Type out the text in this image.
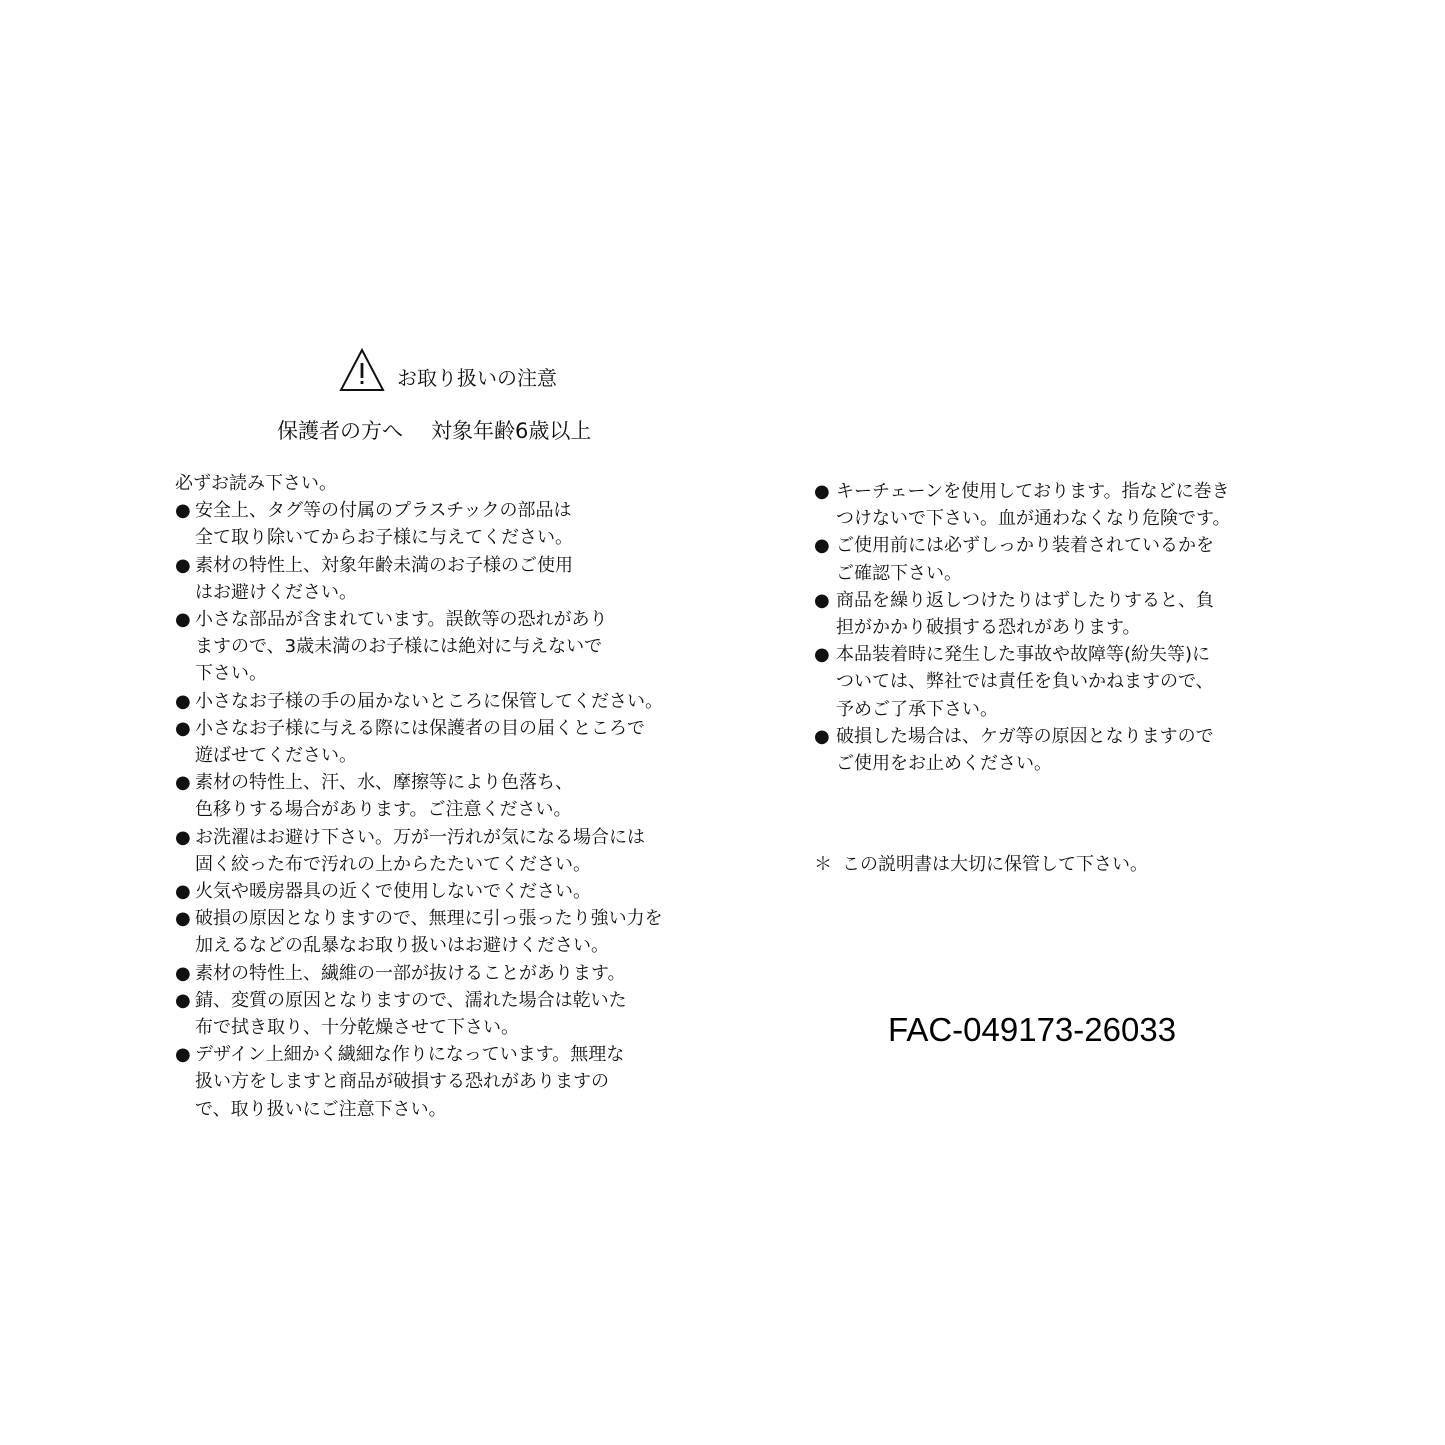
お取り扱いの注意
保護者の方へ 対象年齢6歳以上
必ずお読み下さい。
● 安全上、タグ等の付属のプラスチックの部品は
全て取り除いてからお子様に与えてください。
● 素材の特性上、対象年齢未満のお子様のご使用
はお避けください。
● 小さな部品が含まれています。誤飲等の恐れがあり
ますので、3歳未満のお子様には絶対に与えないで
下さい。
● 小さなお子様の手の届かないところに保管してください。
● 小さなお子様に与える際には保護者の目の届くところで
遊ばせてください。
● 素材の特性上、汗、水、摩擦等により色落ち、
色移りする場合があります。ご注意ください。
● お洗濯はお避け下さい。万が一汚れが気になる場合には
固く絞った布で汚れの上からたたいてください。
● 火気や暖房器具の近くで使用しないでください。
● 破損の原因となりますので、無理に引っ張ったり強い力を
加えるなどの乱暴なお取り扱いはお避けください。
● 素材の特性上、繊維の一部が抜けることがあります。
● 錆、変質の原因となりますので、濡れた場合は乾いた
布で拭き取り、十分乾燥させて下さい。
● デザイン上細かく繊細な作りになっています。無理な
扱い方をしますと商品が破損する恐れがありますの
で、取り扱いにご注意下さい。
● キーチェーンを使用しております。指などに巻き
つけないで下さい。血が通わなくなり危険です。
● ご使用前には必ずしっかり装着されているかを
ご確認下さい。
● 商品を繰り返しつけたりはずしたりすると、負
担がかかり破損する恐れがあります。
● 本品装着時に発生した事故や故障等(紛失等)に
ついては、弊社では責任を負いかねますので、
予めご了承下さい。
● 破損した場合は、ケガ等の原因となりますので
ご使用をお止めください。
＊ この説明書は大切に保管して下さい。
FAC-049173-26033
